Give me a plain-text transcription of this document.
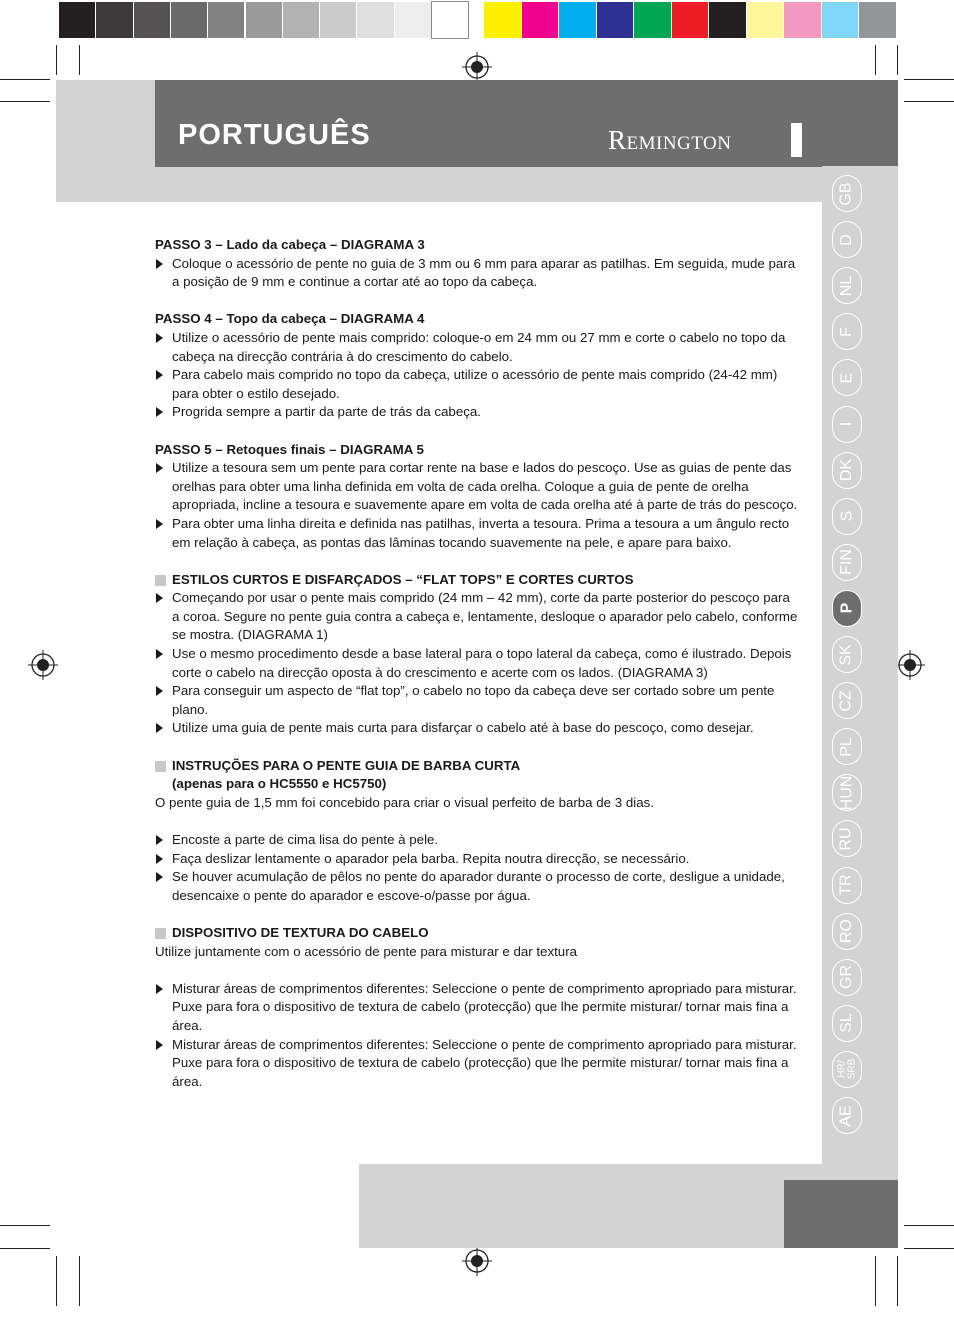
PORTUGUÊS	Remington
GB
D
NL
F
E
I
DK
S
FIN
P
SK
CZ
PL
HUN
RU
TR
RO
GR
SL
HR/
SRB
AE
PASSO 3 – Lado da cabeça – DIAGRAMA 3
Coloque o acessório de pente no guia de 3 mm ou 6 mm para aparar as patilhas. Em seguida, mude para a posição de 9 mm e continue a cortar até ao topo da cabeça.
PASSO 4 – Topo da cabeça – DIAGRAMA 4
Utilize o acessório de pente mais comprido: coloque-o em 24 mm ou 27 mm e corte o cabelo no topo da cabeça na direcção contrária à do crescimento do cabelo.
Para cabelo mais comprido no topo da cabeça, utilize o acessório de pente mais comprido (24-42 mm) para obter o estilo desejado.
Progrida sempre a partir da parte de trás da cabeça.
PASSO 5 – Retoques finais – DIAGRAMA 5
Utilize a tesoura sem um pente para cortar rente na base e lados do pescoço. Use as guias de pente das orelhas para obter uma linha definida em volta de cada orelha. Coloque a guia de pente de orelha apropriada, incline a tesoura e suavemente apare em volta de cada orelha até à parte de trás do pescoço.
Para obter uma linha direita e definida nas patilhas, inverta a tesoura. Prima a tesoura a um ângulo recto em relação à cabeça, as pontas das lâminas tocando suavemente na pele, e apare para baixo.
ESTILOS CURTOS E DISFARÇADOS – “FLAT TOPS” E CORTES CURTOS
Começando por usar o pente mais comprido (24 mm – 42 mm), corte da parte posterior do pescoço para a coroa. Segure no pente guia contra a cabeça e, lentamente, desloque o aparador pelo cabelo, conforme se mostra. (DIAGRAMA 1)
Use o mesmo procedimento desde a base lateral para o topo lateral da cabeça, como é ilustrado. Depois corte o cabelo na direcção oposta à do crescimento e acerte com os lados. (DIAGRAMA 3)
Para conseguir um aspecto de “flat top”, o cabelo no topo da cabeça deve ser cortado sobre um pente plano.
Utilize uma guia de pente mais curta para disfarçar o cabelo até à base do pescoço, como desejar.
INSTRUÇÕES PARA O PENTE GUIA DE BARBA CURTA
(apenas para o HC5550 e HC5750)

O pente guia de 1,5 mm foi concebido para criar o visual perfeito de barba de 3 dias.

Encoste a parte de cima lisa do pente à pele.
Faça deslizar lentamente o aparador pela barba. Repita noutra direcção, se necessário.
Se houver acumulação de pêlos no pente do aparador durante o processo de corte, desligue a unidade, desencaixe o pente do aparador e escove-o/passe por água.
DISPOSITIVO DE TEXTURA DO CABELO

Utilize juntamente com o acessório de pente para misturar e dar textura

Misturar áreas de comprimentos diferentes: Seleccione o pente de comprimento apropriado para misturar. Puxe para fora o dispositivo de textura de cabelo (protecção) que lhe permite misturar/ tornar mais fina a área.
Misturar áreas de comprimentos diferentes: Seleccione o pente de comprimento apropriado para misturar. Puxe para fora o dispositivo de textura de cabelo (protecção) que lhe permite misturar/ tornar mais fina a área.
